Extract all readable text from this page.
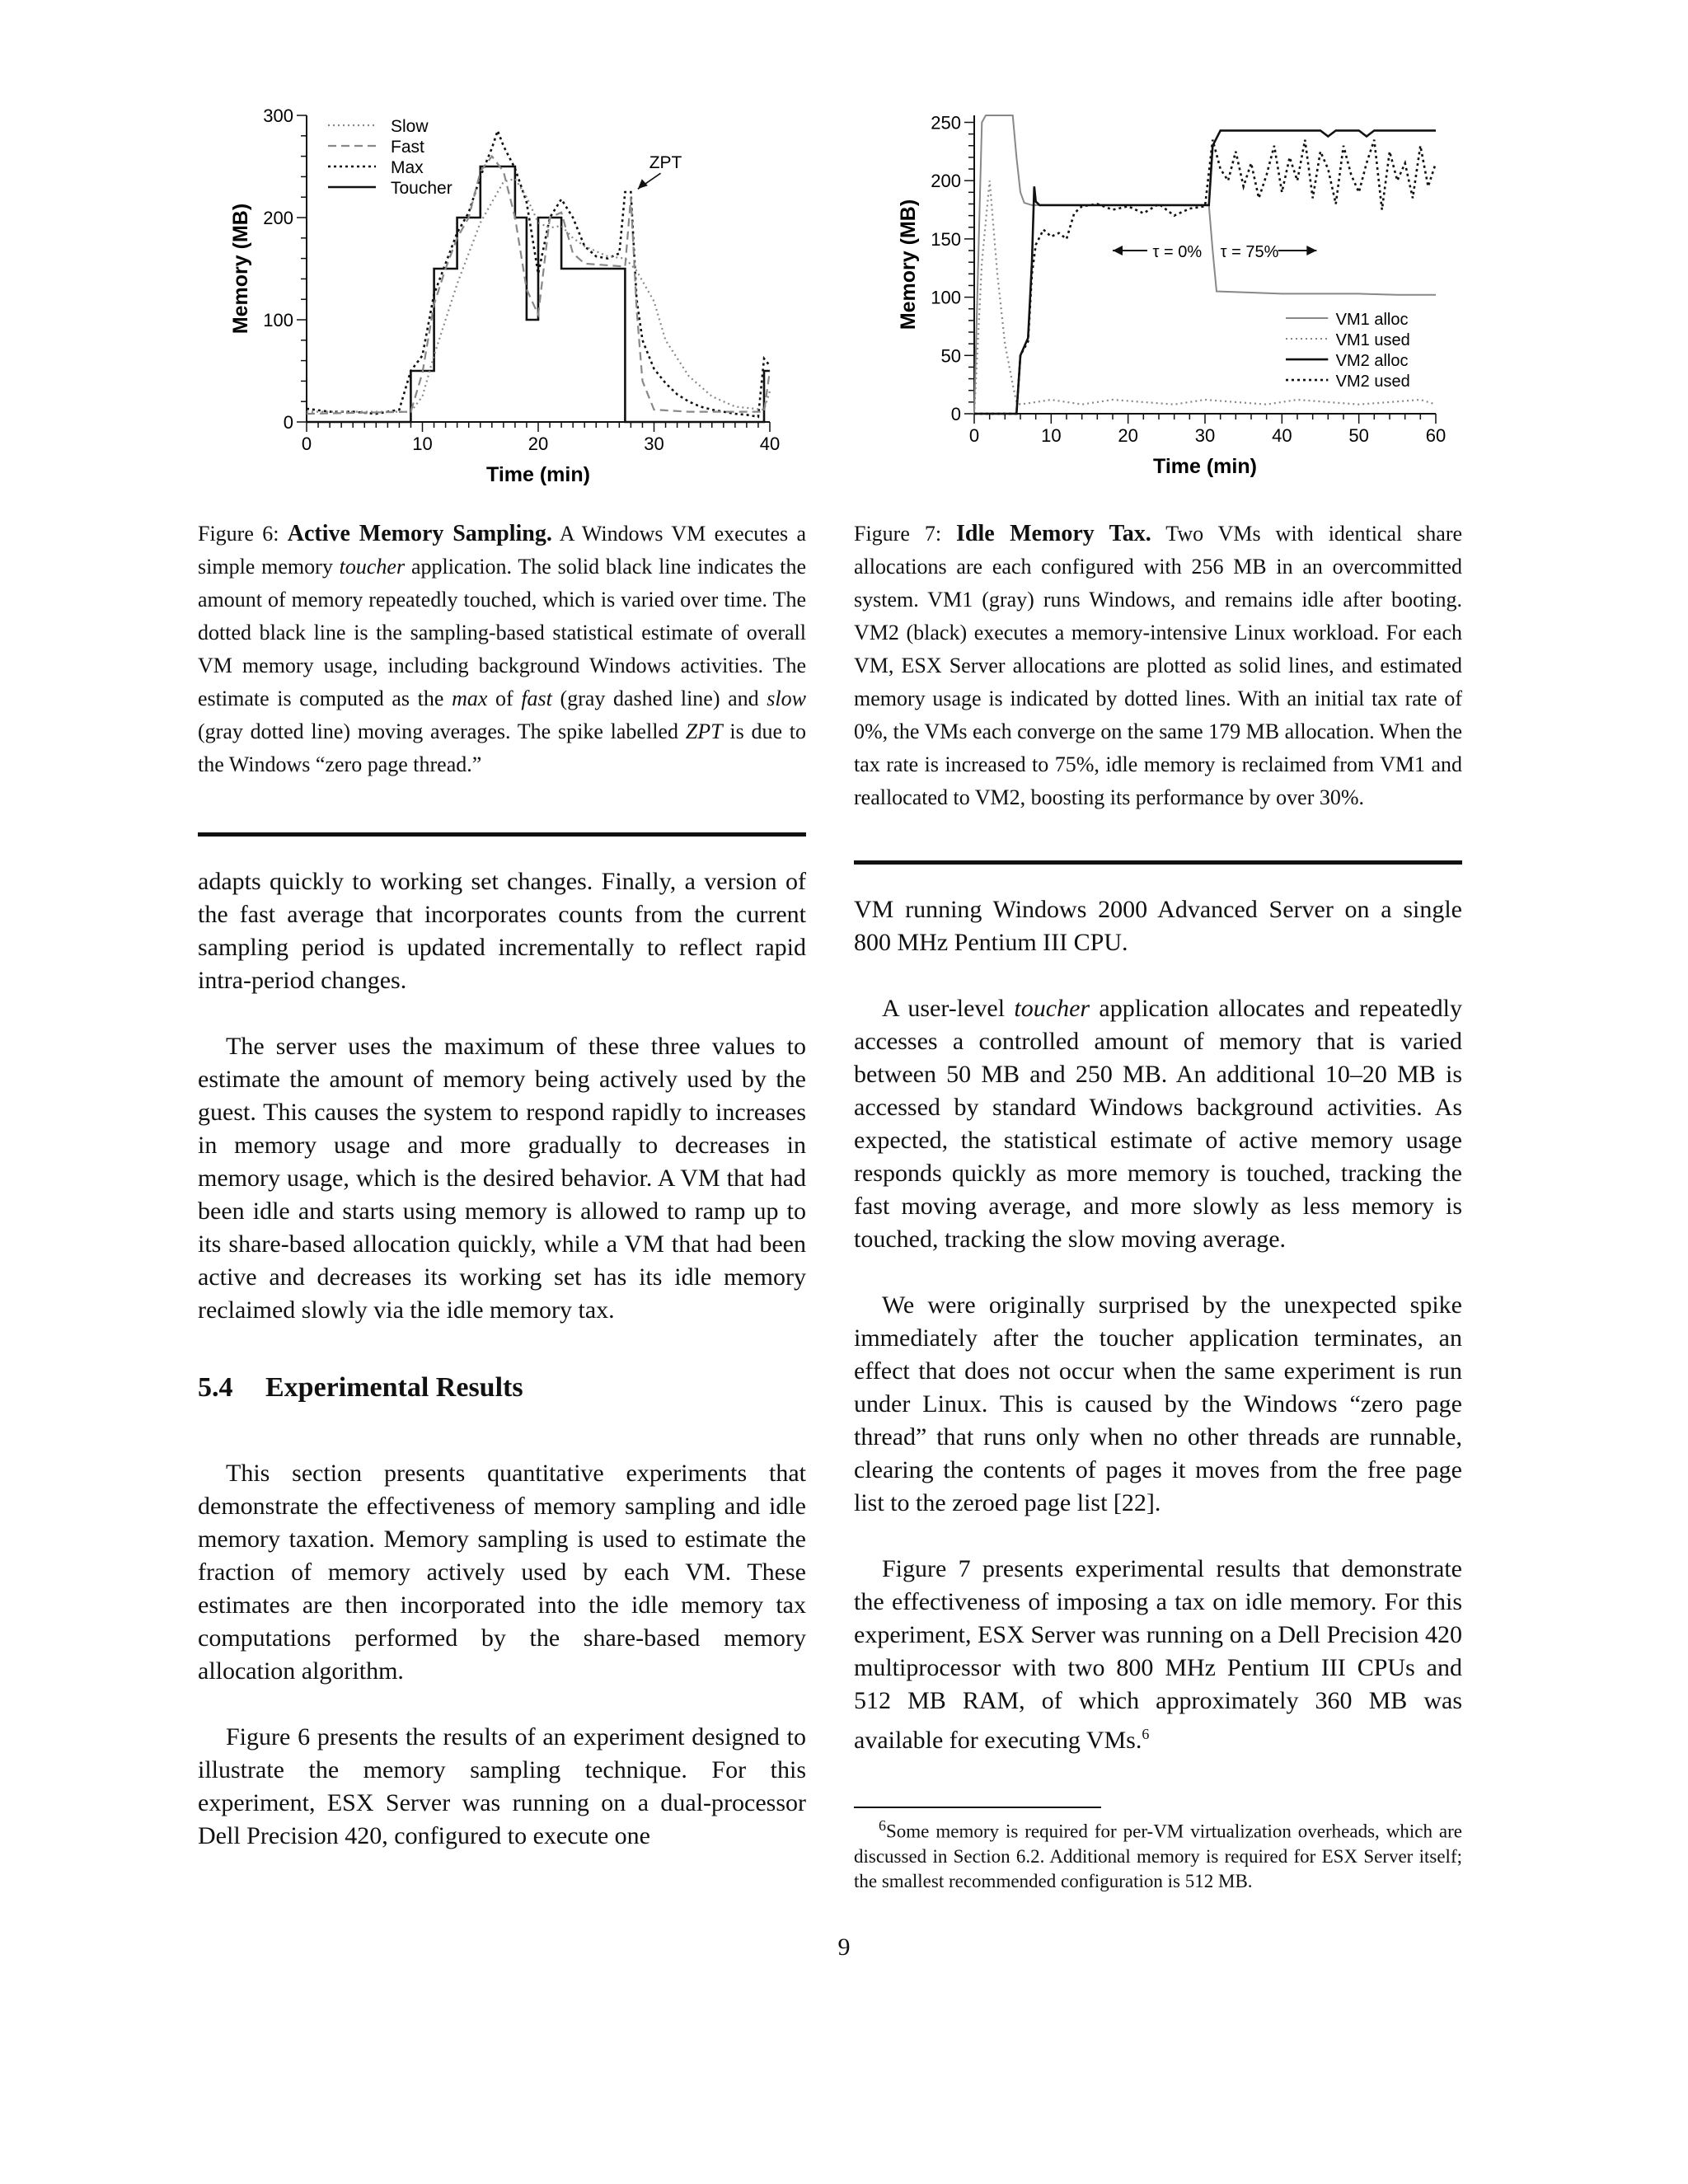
0	10	20	30	40
0
100
200
300
Time (min)
Memory (MB)
Slow
Fast
Max
Toucher
ZPT
0	10	20	30	40	50	60
0
50
100
150
200
250
Time (min)
Memory (MB)	τ = 0% τ = 75%
VM1 alloc
VM1 used
VM2 alloc
VM2 used
Figure 6: Active Memory Sampling. A Windows VM executes a simple memory toucher application. The solid black line indicates the amount of memory repeatedly touched, which is varied over time. The dotted black line is the sampling-based statistical estimate of overall VM memory usage, including background Windows activities. The estimate is computed as the max of fast (gray dashed line) and slow (gray dotted line) moving averages. The spike labelled ZPT is due to the Windows “zero page thread.”
Figure 7: Idle Memory Tax. Two VMs with identical share allocations are each configured with 256 MB in an overcommitted system. VM1 (gray) runs Windows, and remains idle after booting. VM2 (black) executes a memory-intensive Linux workload. For each VM, ESX Server allocations are plotted as solid lines, and estimated memory usage is indicated by dotted lines. With an initial tax rate of 0%, the VMs each converge on the same 179 MB allocation. When the tax rate is increased to 75%, idle memory is reclaimed from VM1 and reallocated to VM2, boosting its performance by over 30%.

adapts quickly to working set changes. Finally, a version of the fast average that incorporates counts from the current sampling period is updated incrementally to reflect rapid intra-period changes.

The server uses the maximum of these three values to estimate the amount of memory being actively used by the guest. This causes the system to respond rapidly to increases in memory usage and more gradually to decreases in memory usage, which is the desired behavior. A VM that had been idle and starts using memory is allowed to ramp up to its share-based allocation quickly, while a VM that had been active and decreases its working set has its idle memory reclaimed slowly via the idle memory tax.

5.4 Experimental Results

This section presents quantitative experiments that demonstrate the effectiveness of memory sampling and idle memory taxation. Memory sampling is used to estimate the fraction of memory actively used by each VM. These estimates are then incorporated into the idle memory tax computations performed by the share-based memory allocation algorithm.

Figure 6 presents the results of an experiment designed to illustrate the memory sampling technique. For this experiment, ESX Server was running on a dual-processor Dell Precision 420, configured to execute one

VM running Windows 2000 Advanced Server on a single 800 MHz Pentium III CPU.

A user-level toucher application allocates and repeatedly accesses a controlled amount of memory that is varied between 50 MB and 250 MB. An additional 10–20 MB is accessed by standard Windows background activities. As expected, the statistical estimate of active memory usage responds quickly as more memory is touched, tracking the fast moving average, and more slowly as less memory is touched, tracking the slow moving average.

We were originally surprised by the unexpected spike immediately after the toucher application terminates, an effect that does not occur when the same experiment is run under Linux. This is caused by the Windows “zero page thread” that runs only when no other threads are runnable, clearing the contents of pages it moves from the free page list to the zeroed page list [22].

Figure 7 presents experimental results that demonstrate the effectiveness of imposing a tax on idle memory. For this experiment, ESX Server was running on a Dell Precision 420 multiprocessor with two 800 MHz Pentium III CPUs and 512 MB RAM, of which approximately 360 MB was available for executing VMs.$^6$

$^6$Some memory is required for per-VM virtualization overheads, which are discussed in Section 6.2. Additional memory is required for ESX Server itself; the smallest recommended configuration is 512 MB.
9
